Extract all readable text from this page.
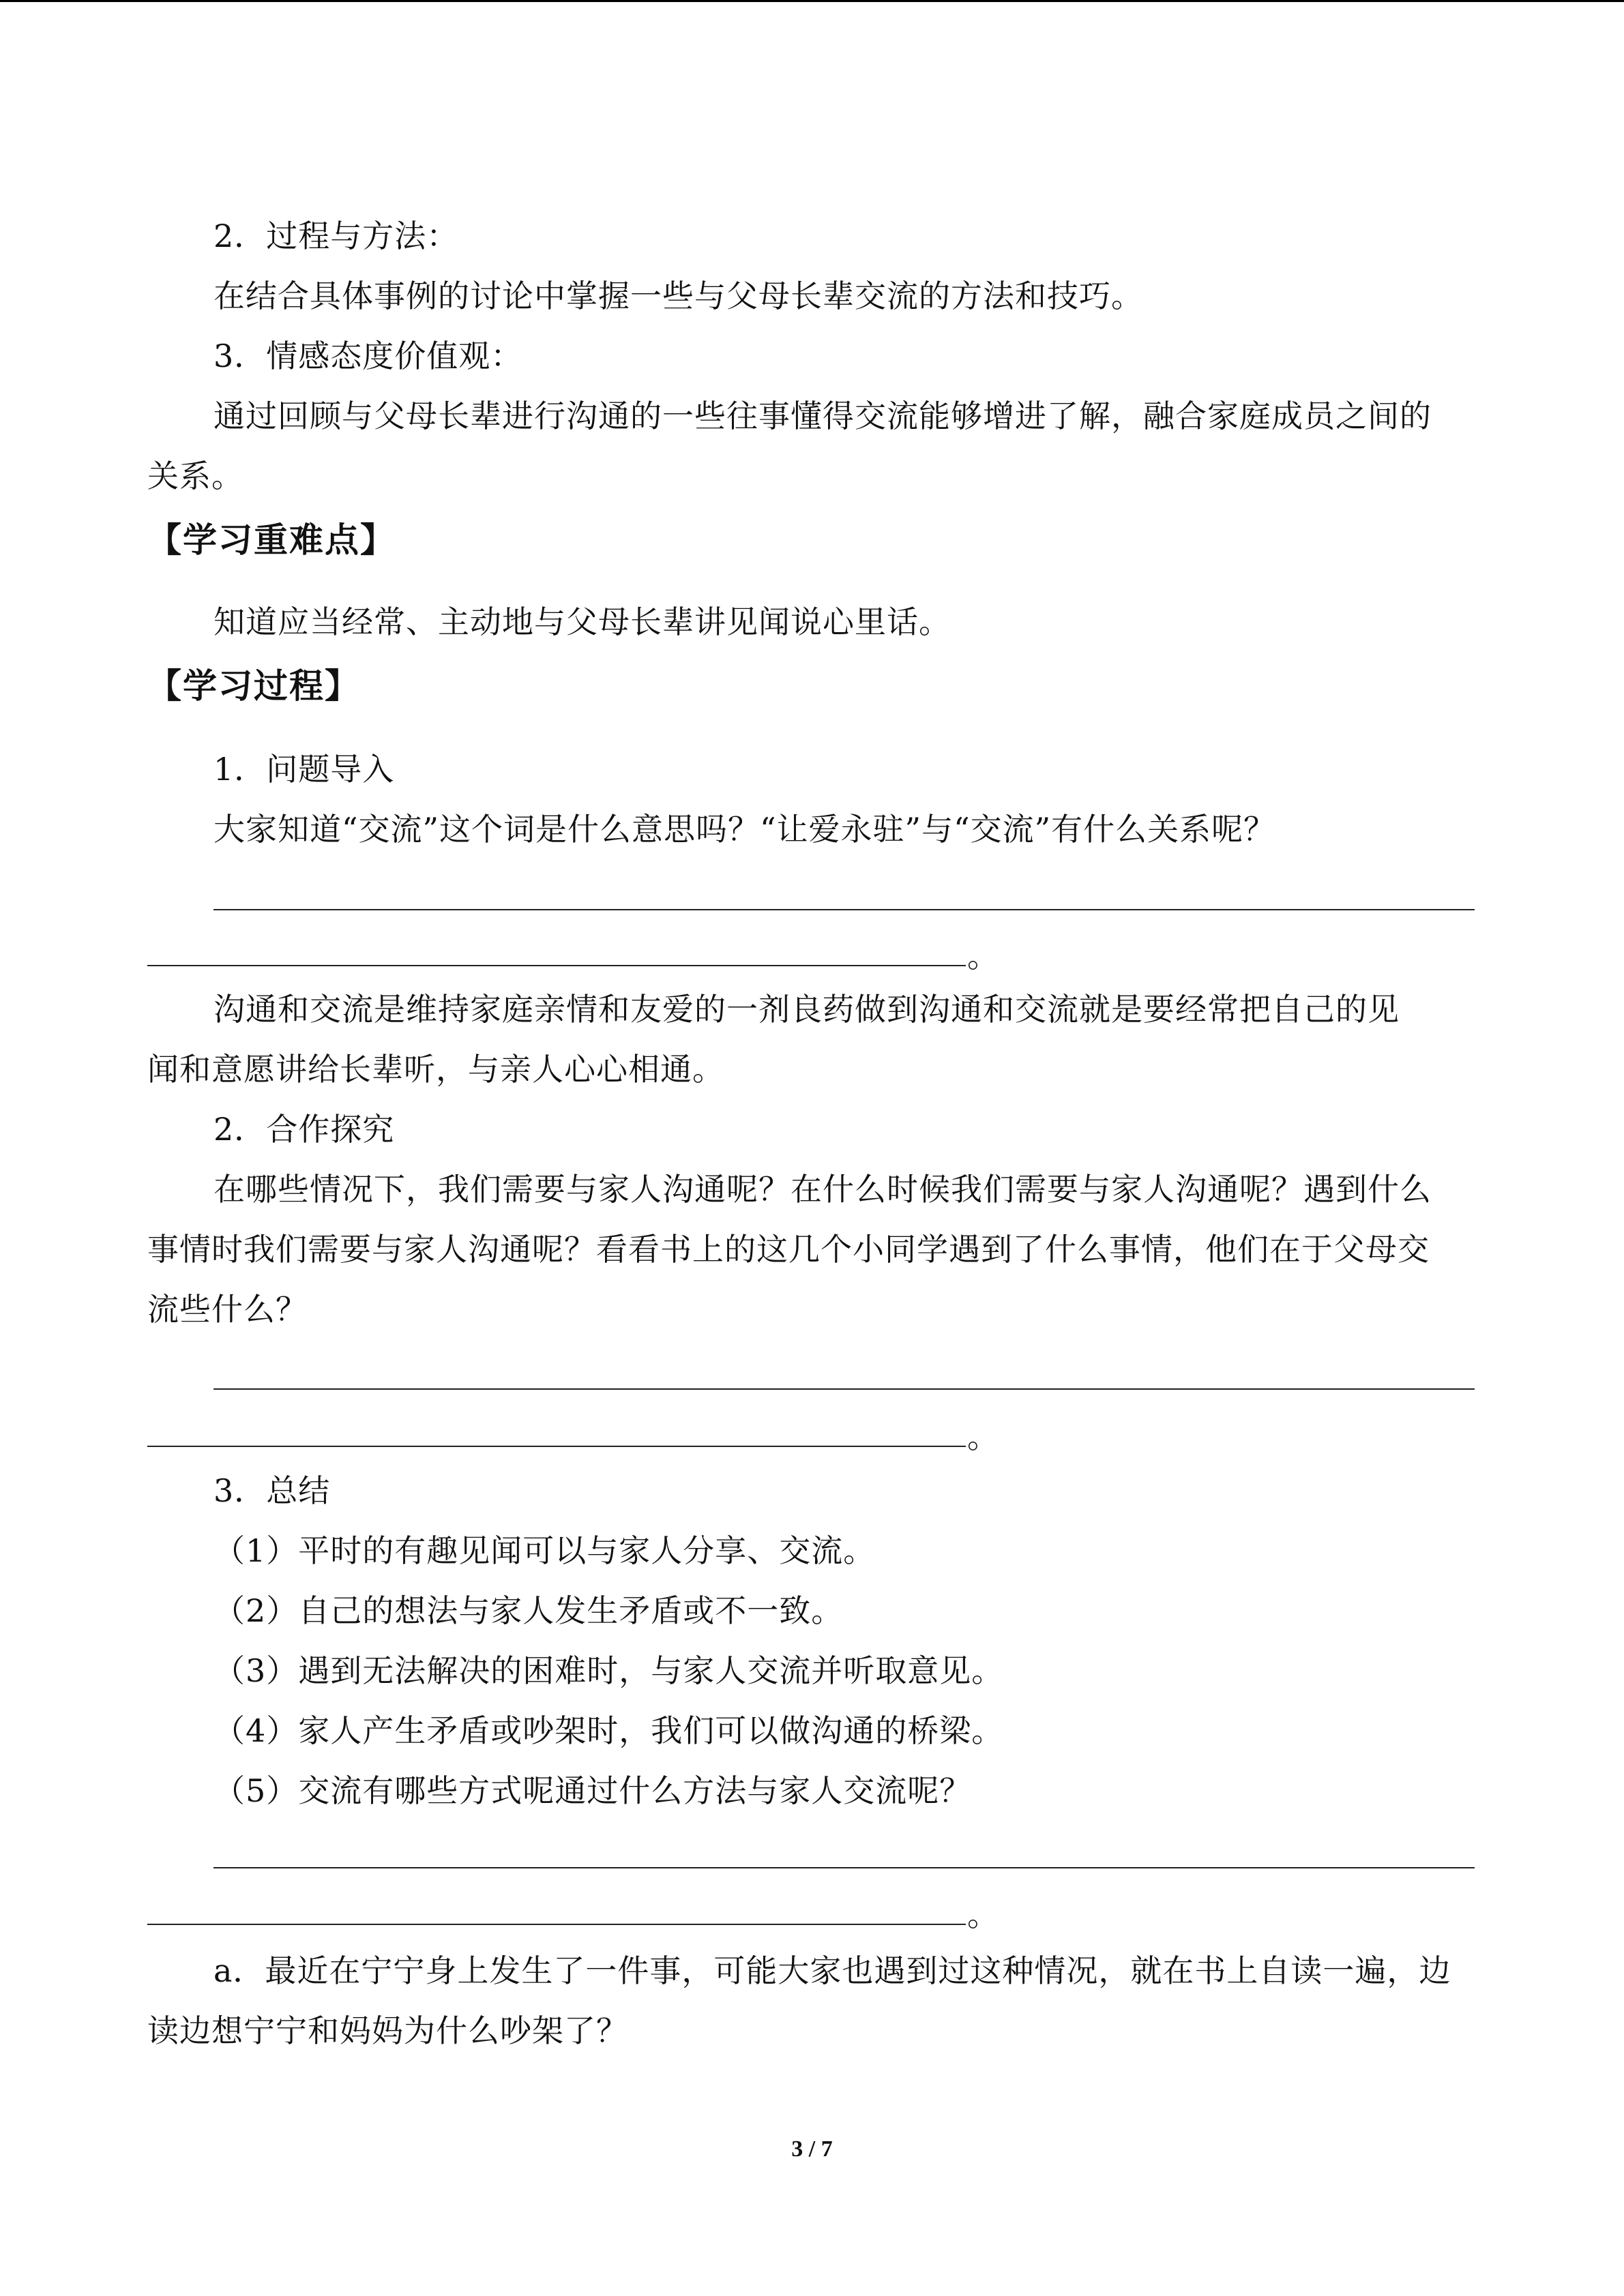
2．过程与方法：
在结合具体事例的讨论中掌握一些与父母长辈交流的方法和技巧。
3．情感态度价值观：
通过回顾与父母长辈进行沟通的一些往事懂得交流能够增进了解，融合家庭成员之间的
关系。
【学习重难点】
知道应当经常、主动地与父母长辈讲见闻说心里话。
【学习过程】
1．问题导入
大家知道“交流”这个词是什么意思吗？“让爱永驻”与“交流”有什么关系呢？
。
沟通和交流是维持家庭亲情和友爱的一剂良药做到沟通和交流就是要经常把自己的见
闻和意愿讲给长辈听，与亲人心心相通。
2．合作探究
在哪些情况下，我们需要与家人沟通呢？在什么时候我们需要与家人沟通呢？遇到什么
事情时我们需要与家人沟通呢？看看书上的这几个小同学遇到了什么事情，他们在于父母交
流些什么？
。
3．总结
（1）平时的有趣见闻可以与家人分享、交流。
（2）自己的想法与家人发生矛盾或不一致。
（3）遇到无法解决的困难时，与家人交流并听取意见。
（4）家人产生矛盾或吵架时，我们可以做沟通的桥梁。
（5）交流有哪些方式呢通过什么方法与家人交流呢？
。
a．最近在宁宁身上发生了一件事，可能大家也遇到过这种情况，就在书上自读一遍，边
读边想宁宁和妈妈为什么吵架了？
3 / 7
